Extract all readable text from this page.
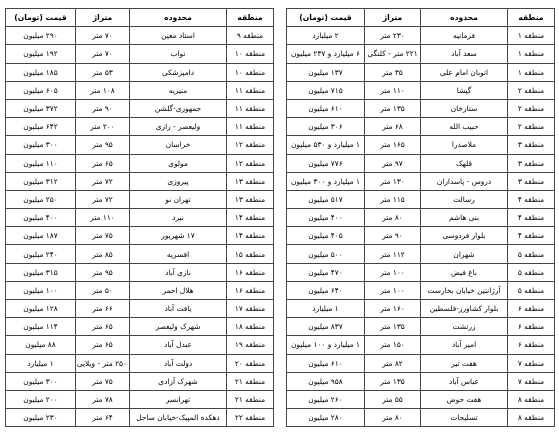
منطقه	محدوده	متراژ	قیمت (تومان)
منطقه ۱	فرمانیه	۲۳۰ متر	۲ میلیارد
منطقه ۱	سعد آباد	۲۲۱ متر - کلنگی	۶ میلیارد و ۲۳۷ میلیون
منطقه ۱	اتوبان امام علی	۳۵ متر	۱۳۷ میلیون
منطقه ۲	گیشا	۱۱۰ متر	۷۱۵ میلیون
منطقه ۲	ستارخان	۱۳۵ متر	۶۱۰ میلیون
منطقه ۲	حبیب الله	۶۸ متر	۳۰۶ میلیون
منطقه ۳	ملاصدرا	۱۶۵ متر	۱ میلیارد و ۵۳۰ میلیون
منطقه ۳	قلهک	۹۷ متر	۷۷۶ میلیون
منطقه ۳	دروس - پاسداران	۱۳۰ متر	۱ میلیارد و ۳۰۰ میلیون
منطقه ۴	رسالت	۱۱۵ متر	۵۱۷ میلیون
منطقه ۴	بنی هاشم	۸۰ متر	۴۰۰ میلیون
منطقه ۴	بلوار فردوسی	۹۰ متر	۴۰۵ میلیون
منطقه ۵	شهران	۱۱۲ متر	۵۰۰ میلیون
منطقه ۵	باغ فیض	۱۰۰ متر	۴۷۰ میلیون
منطقه ۵	آرژانتین خیابان بخارست	۱۰۰ متر	۶۴۰ میلیون
منطقه ۶	بلوار کشاورز-فلسطین	۱۶۰ متر	۱ میلیارد
منطقه ۶	زرتشت	۱۳۵ متر	۸۳۷ میلیون
منطقه ۶	امیر آباد	۱۵۰ متر	۱ میلیارد و ۱۰۰ میلیون
منطقه ۷	هفت تیر	۸۲ متر	۶۱۰ میلیون
منطقه ۷	عباس آباد	۱۳۵ متر	۹۵۸ میلیون
منطقه ۸	هفت حوض	۵۵ متر	۲۶۰ میلیون
منطقه ۸	تسلیحات	۸۰ متر	۲۸۰ میلیون
منطقه	محدوده	متراژ	قیمت (تومان)
منطقه ۹	استاد معین	۷۰ متر	۲۹۰ میلیون
منطقه ۱۰	تواب	۷۰ متر	۱۹۲ میلیون
منطقه ۱۰	دامپزشکی	۵۳ متر	۱۸۵ میلیون
منطقه ۱۱	منیریه	۱۰۸ متر	۶۰۵ میلیون
منطقه ۱۱	جمهوری-گلشن	۹۰ متر	۳۷۲ میلیون
منطقه ۱۱	ولیعصر - رازی	۲۰۰ متر	۶۴۲ میلیون
منطقه ۱۲	خراسان	۹۵ متر	۳۰۰ میلیون
منطقه ۱۲	مولوی	۶۵ متر	۱۱۰ میلیون
منطقه ۱۳	پیروزی	۷۲ متر	۳۱۲ میلیون
منطقه ۱۳	تهران نو	۷۲ متر	۲۵۰ میلیون
منطقه ۱۴	نبرد	۱۱۰ متر	۴۰۰ میلیون
منطقه ۱۴	۱۷ شهریور	۷۵ متر	۱۸۷ میلیون
منطقه ۱۵	افسریه	۸۵ متر	۲۴۰ میلیون
منطقه ۱۶	نازی آباد	۹۵ متر	۳۱۵ میلیون
منطقه ۱۶	هلال احمر	۵۰ متر	۱۰۰ میلیون
منطقه ۱۷	یافت آباد	۶۶ متر	۱۲۸ میلیون
منطقه ۱۸	شهرک ولیعصر	۶۵ متر	۱۱۴ میلیون
منطقه ۱۹	عبدل آباد	۶۵ متر	۸۸ میلیون
منطقه ۲۰	دولت آباد	۲۵۰ متر - ویلایی	۱ میلیارد
منطقه ۲۱	شهرک آزادی	۷۵ متر	۳۰۰ میلیون
منطقه ۲۱	تهرانسر	۷۸ متر	۲۰۰ میلیون
منطقه ۲۲	دهکده المپیک-خیابان ساحل	۶۴ متر	۲۳۰ میلیون
